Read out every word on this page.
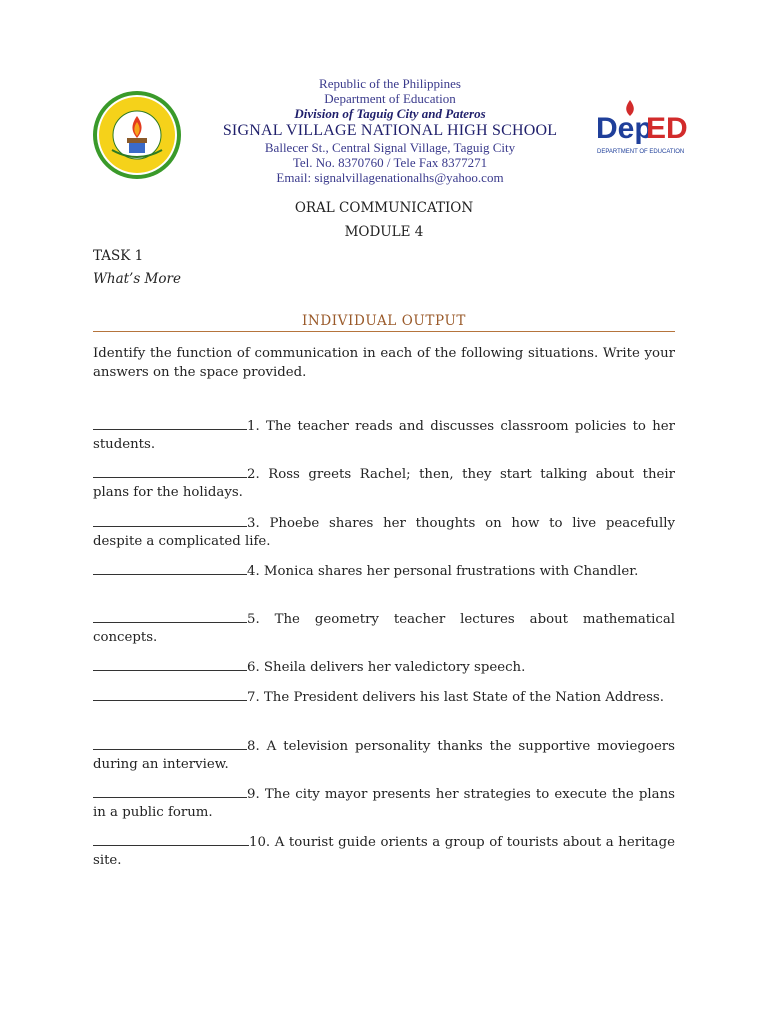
Dep
ED
DEPARTMENT OF EDUCATION
Republic of the Philippines
Department of Education
Division of Taguig City and Pateros
SIGNAL VILLAGE NATIONAL HIGH SCHOOL
Ballecer St., Central Signal Village, Taguig City
Tel. No. 8370760 / Tele Fax 8377271
Email: signalvillagenationalhs@yahoo.com
ORAL COMMUNICATION
MODULE 4
TASK 1
What’s More
INDIVIDUAL OUTPUT
Identify the function of communication in each of the following situations. Write your answers on the space provided.
1. The teacher reads and discusses classroom policies to her students.
2. Ross greets Rachel; then, they start talking about their plans for the holidays.
3. Phoebe shares her thoughts on how to live peacefully despite a complicated life.
4. Monica shares her personal frustrations with Chandler.
5. The geometry teacher lectures about mathematical concepts.
6. Sheila delivers her valedictory speech.
7. The President delivers his last State of the Nation Address.
8. A television personality thanks the supportive moviegoers during an interview.
9. The city mayor presents her strategies to execute the plans in a public forum.
10. A tourist guide orients a group of tourists about a heritage site.
